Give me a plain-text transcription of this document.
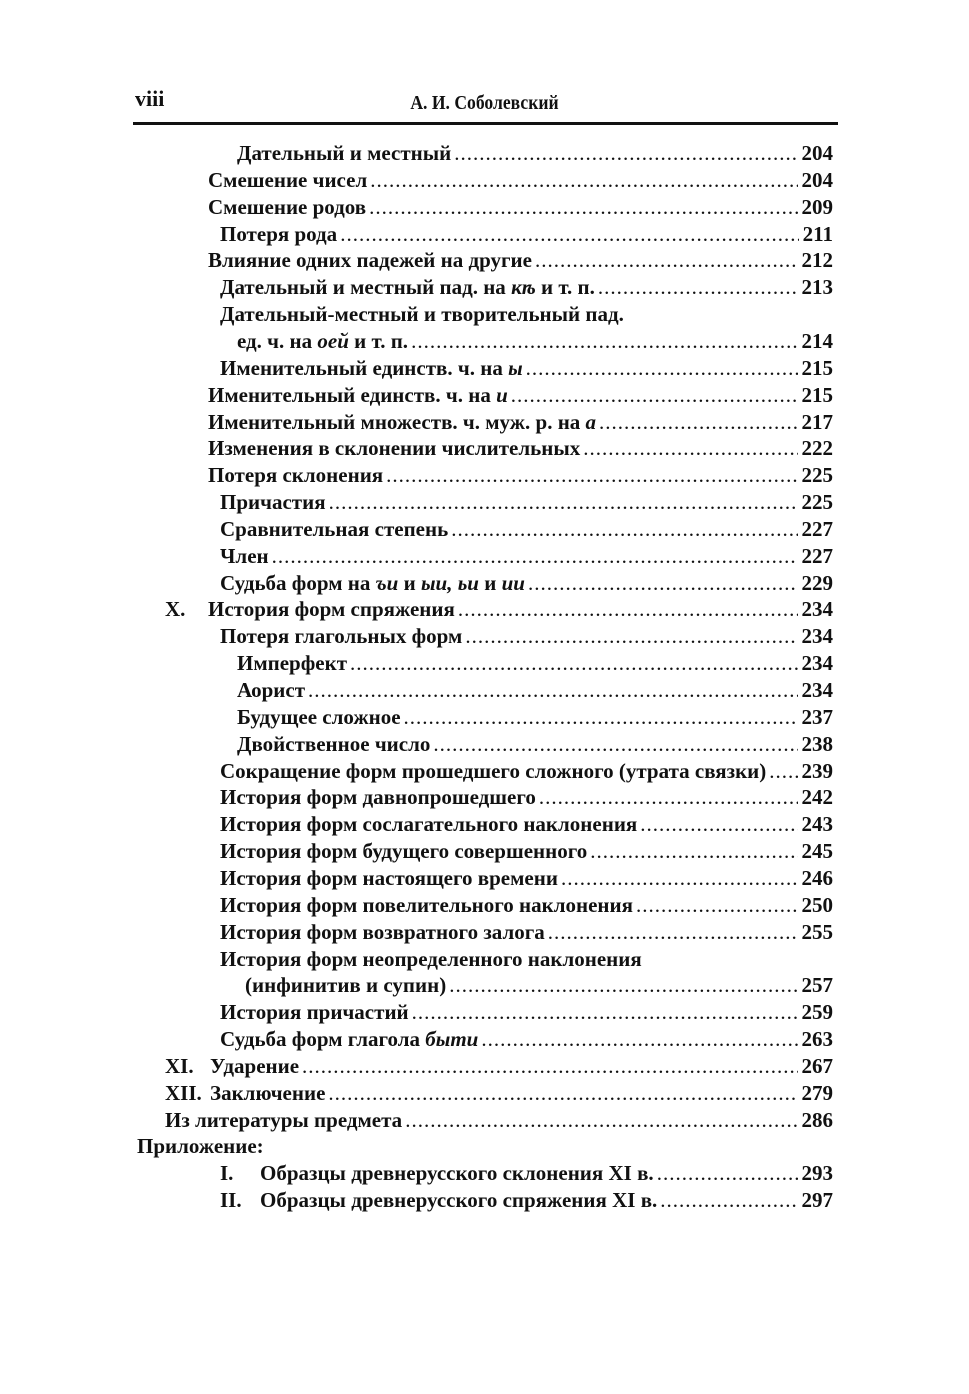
viii	А. И. Соболевский
Дательный и местный .....	204
Смешение чисел .....	204
Смешение родов .....	209
Потеря рода .....	211
Влияние одних падежей на другие .....	212
Дательный и местный пад. на кѣ и т. п. .....	213
Дательный-местный и творительный пад.
ед. ч. на оей и т. п. .....	214
Именительный единств. ч. на ы .....	215
Именительный единств. ч. на и .....	215
Именительный множеств. ч. муж. р. на а .....	217
Изменения в склонении числительных .....	222
Потеря склонения .....	225
Причастия .....	225
Сравнительная степень .....	227
Член .....	227
Судьба форм на ъи и ыи, ьи и ии .....	229
X. История форм спряжения .....	234
Потеря глагольных форм .....	234
Имперфект .....	234
Аорист .....	234
Будущее сложное .....	237
Двойственное число .....	238
Сокращение форм прошедшего сложного (утрата связки) ..... 239
История форм давнопрошедшего .....	242
История форм сослагательного наклонения .....	243
История форм будущего совершенного .....	245
История форм настоящего времени .....	246
История форм повелительного наклонения .....	250
История форм возвратного залога .....	255
История форм неопределенного наклонения
(инфинитив и супин) .....	257
История причастий .....	259
Судьба форм глагола быти .....	263
XI. Ударение .....	267
XII. Заключение .....	279
Из литературы предмета .....	286
Приложение:
I. Образцы древнерусского склонения XI в. .....	293
II. Образцы древнерусского спряжения XI в. .....	297
